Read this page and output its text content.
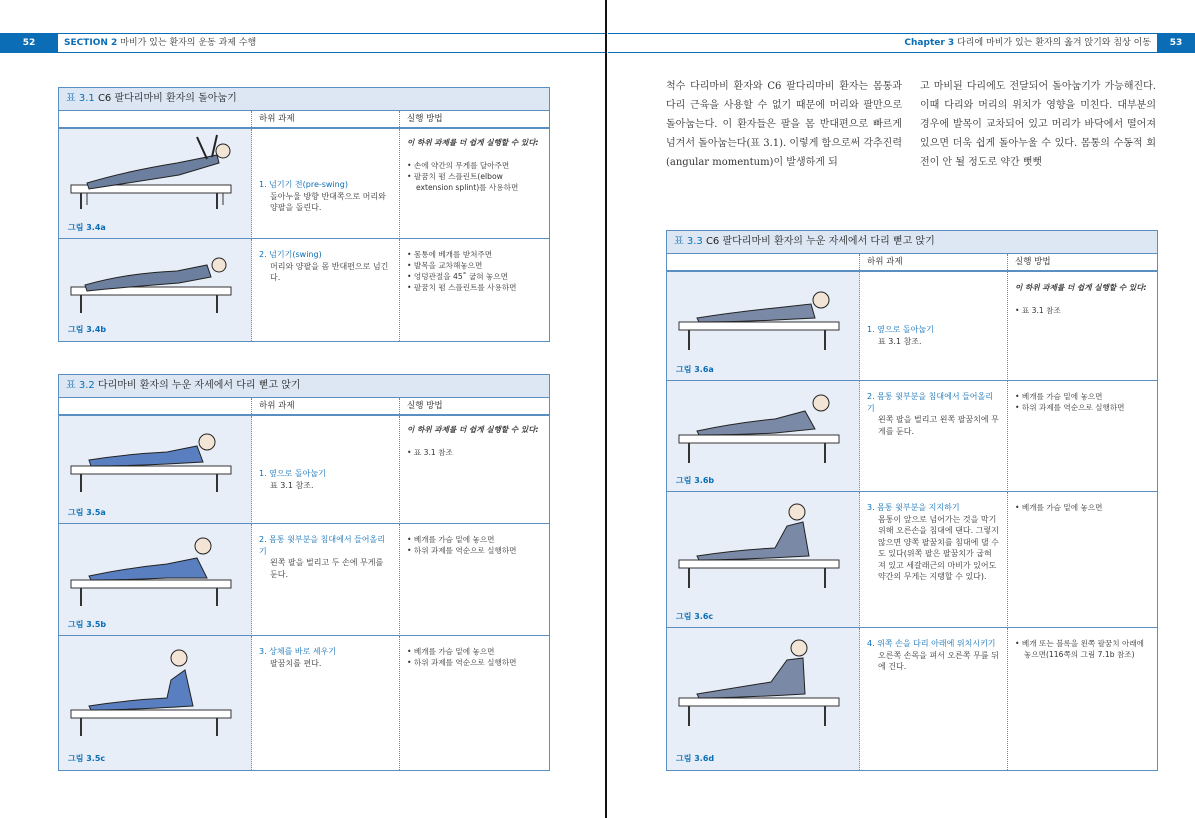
52	SECTION 2 마비가 있는 환자의 운동 과제 수행	Chapter 3 다리에 마비가 있는 환자의 옮겨 앉기와 침상 이동	53
표 3.1 C6 팔다리마비 환자의 돌아눕기
하위 과제	실행 방법
그림 3.4a
1. 넘기기 전(pre-swing)
돌아누울 방향 반대쪽으로 머리와 양팔을 돌린다.
이 하위 과제를 더 쉽게 실행할 수 있다:
• 손에 약간의 무게를 달아주면
• 팔꿈치 폄 스플린트(elbow extension splint)를 사용하면
그림 3.4b
2. 넘기기(swing)
머리와 양팔을 몸 반대편으로 넘긴다.
• 몸통에 베개를 받쳐주면
• 발목을 교차해놓으면
• 엉덩관절을 45˚ 굽혀 놓으면
• 팔꿈치 폄 스플린트를 사용하면
표 3.2 다리마비 환자의 누운 자세에서 다리 뻗고 앉기
하위 과제	실행 방법
그림 3.5a
1. 옆으로 돌아눕기
표 3.1 참조.
이 하위 과제를 더 쉽게 실행할 수 있다:
• 표 3.1 참조
그림 3.5b
2. 몸통 윗부분을 침대에서 들어올리기
왼쪽 팔을 벌리고 두 손에 무게를 둔다.
• 베개를 가슴 밑에 놓으면
• 하위 과제를 역순으로 실행하면
그림 3.5c
3. 상체를 바로 세우기
팔꿈치를 편다.
• 베개를 가슴 밑에 놓으면
• 하위 과제를 역순으로 실행하면

척수 다리마비 환자와 C6 팔다리마비 환자는 몸통과 다리 근육을 사용할 수 없기 때문에 머리와 팔만으로 돌아눕는다. 이 환자들은 팔을 몸 반대편으로 빠르게 넘겨서 돌아눕는다(표 3.1). 이렇게 함으로써 각추진력(angular momentum)이 발생하게 되

고 마비된 다리에도 전달되어 돌아눕기가 가능해진다. 이때 다리와 머리의 위치가 영향을 미친다. 대부분의 경우에 발목이 교차되어 있고 머리가 바닥에서 떨어져 있으면 더욱 쉽게 돌아누울 수 있다. 몸통의 수동적 회전이 안 될 정도로 약간 뻣뻣

표 3.3 C6 팔다리마비 환자의 누운 자세에서 다리 뻗고 앉기
하위 과제	실행 방법
그림 3.6a
1. 옆으로 돌아눕기
표 3.1 참조.
이 하위 과제를 더 쉽게 실행할 수 있다:
• 표 3.1 참조
그림 3.6b
2. 몸통 윗부분을 침대에서 들어올리기
왼쪽 팔을 벌리고 왼쪽 팔꿈치에 무게를 둔다.
• 베개를 가슴 밑에 놓으면
• 하위 과제를 역순으로 실행하면
그림 3.6c
3. 몸통 윗부분을 지지하기
몸통이 앞으로 넘어가는 것을 막기 위해 오른손을 침대에 댄다. 그렇지 않으면 양쪽 팔꿈치를 침대에 댈 수도 있다(위쪽 팔은 팔꿈치가 굽혀져 있고 세갈래근의 마비가 있어도 약간의 무게는 지탱할 수 있다).
• 베개를 가슴 밑에 놓으면
그림 3.6d
4. 위쪽 손을 다리 아래에 위치시키기
오른쪽 손목을 펴서 오른쪽 무릎 뒤에 건다.
• 베개 또는 블록을 왼쪽 팔꿈치 아래에 놓으면(116쪽의 그림 7.1b 참조)
